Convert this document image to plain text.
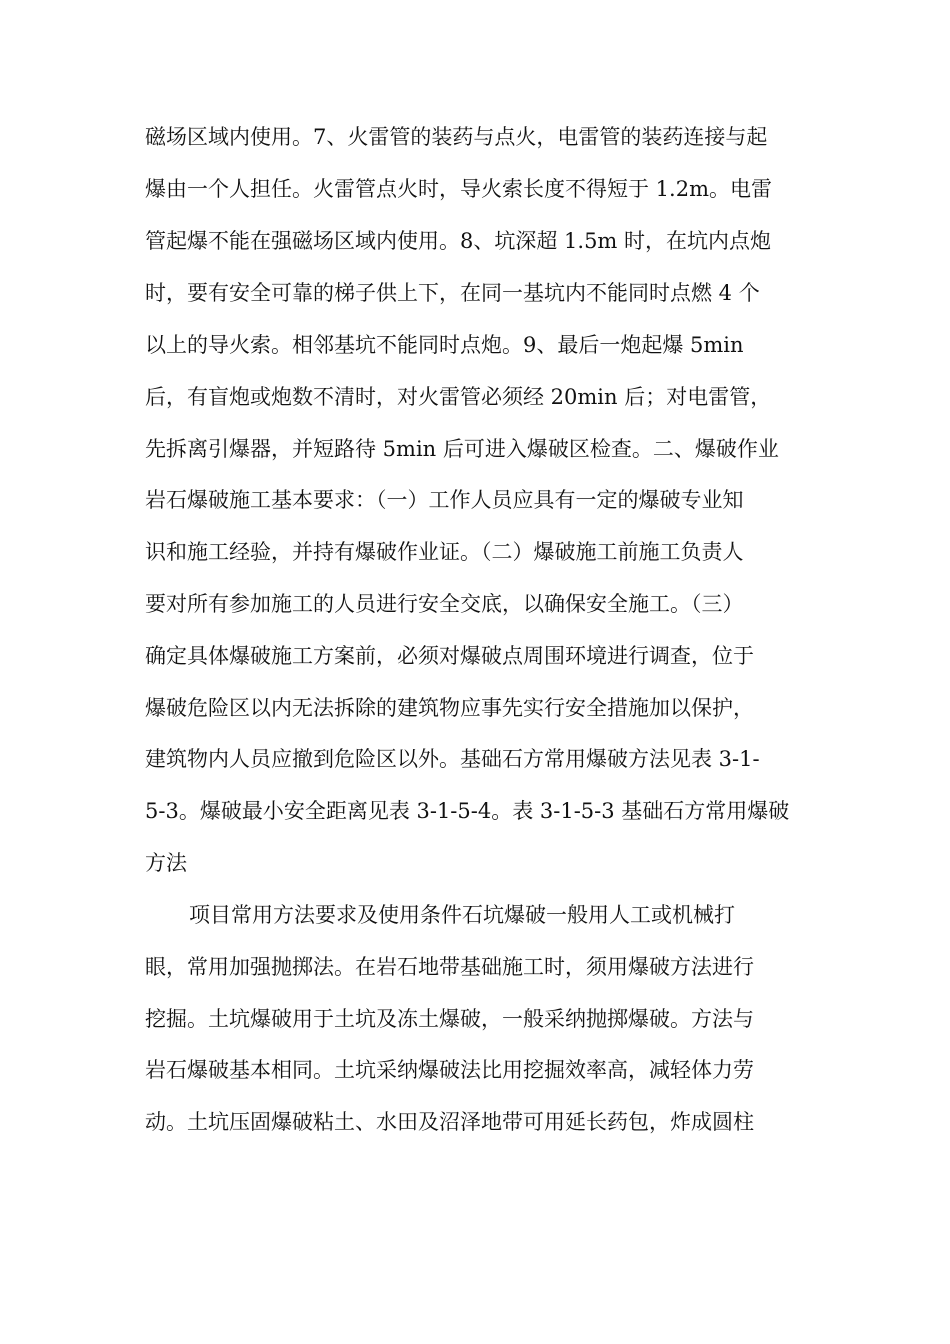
磁场区域内使用。7、火雷管的装药与点火，电雷管的装药连接与起
爆由一个人担任。火雷管点火时，导火索长度不得短于 1.2m。电雷
管起爆不能在强磁场区域内使用。8、坑深超 1.5m 时，在坑内点炮
时，要有安全可靠的梯子供上下，在同一基坑内不能同时点燃 4 个
以上的导火索。相邻基坑不能同时点炮。9、最后一炮起爆 5min
后，有盲炮或炮数不清时，对火雷管必须经 20min 后；对电雷管，
先拆离引爆器，并短路待 5min 后可进入爆破区检查。二、爆破作业
岩石爆破施工基本要求：（一）工作人员应具有一定的爆破专业知
识和施工经验，并持有爆破作业证。（二）爆破施工前施工负责人
要对所有参加施工的人员进行安全交底，以确保安全施工。（三）
确定具体爆破施工方案前，必须对爆破点周围环境进行调查，位于
爆破危险区以内无法拆除的建筑物应事先实行安全措施加以保护，
建筑物内人员应撤到危险区以外。基础石方常用爆破方法见表 3-1-
5-3。爆破最小安全距离见表 3-1-5-4。表 3-1-5-3 基础石方常用爆破
方法
项目常用方法要求及使用条件石坑爆破一般用人工或机械打
眼，常用加强抛掷法。在岩石地带基础施工时，须用爆破方法进行
挖掘。土坑爆破用于土坑及冻土爆破，一般采纳抛掷爆破。方法与
岩石爆破基本相同。土坑采纳爆破法比用挖掘效率高，减轻体力劳
动。土坑压固爆破粘土、水田及沼泽地带可用延长药包，炸成圆柱
